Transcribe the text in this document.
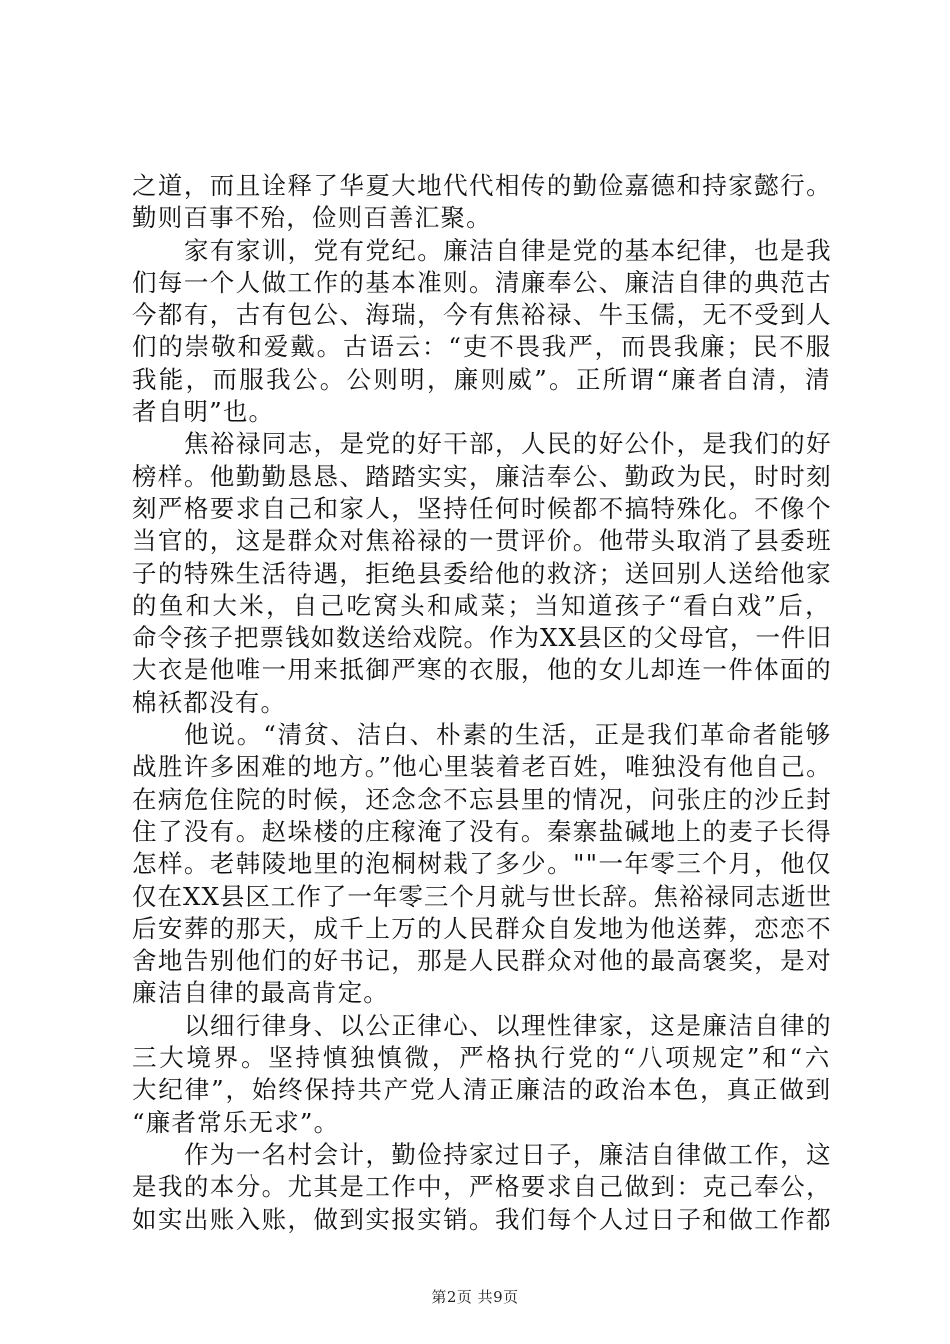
之道，而且诠释了华夏大地代代相传的勤俭嘉德和持家懿行。
勤则百事不殆，俭则百善汇聚。
家有家训，党有党纪。廉洁自律是党的基本纪律，也是我
们每一个人做工作的基本准则。清廉奉公、廉洁自律的典范古
今都有，古有包公、海瑞，今有焦裕禄、牛玉儒，无不受到人
们的崇敬和爱戴。古语云：“吏不畏我严，而畏我廉；民不服
我能，而服我公。公则明，廉则威”。正所谓“廉者自清，清
者自明”也。
焦裕禄同志，是党的好干部，人民的好公仆，是我们的好
榜样。他勤勤恳恳、踏踏实实，廉洁奉公、勤政为民，时时刻
刻严格要求自己和家人，坚持任何时候都不搞特殊化。不像个
当官的，这是群众对焦裕禄的一贯评价。他带头取消了县委班
子的特殊生活待遇，拒绝县委给他的救济；送回别人送给他家
的鱼和大米，自己吃窝头和咸菜；当知道孩子“看白戏”后，
命令孩子把票钱如数送给戏院。作为XX县区的父母官，一件旧
大衣是他唯一用来抵御严寒的衣服，他的女儿却连一件体面的
棉袄都没有。
他说。“清贫、洁白、朴素的生活，正是我们革命者能够
战胜许多困难的地方。”他心里装着老百姓，唯独没有他自己。
在病危住院的时候，还念念不忘县里的情况，问张庄的沙丘封
住了没有。赵垛楼的庄稼淹了没有。秦寨盐碱地上的麦子长得
怎样。老韩陵地里的泡桐树栽了多少。""一年零三个月，他仅
仅在XX县区工作了一年零三个月就与世长辞。焦裕禄同志逝世
后安葬的那天，成千上万的人民群众自发地为他送葬，恋恋不
舍地告别他们的好书记，那是人民群众对他的最高褒奖，是对
廉洁自律的最高肯定。
以细行律身、以公正律心、以理性律家，这是廉洁自律的
三大境界。坚持慎独慎微，严格执行党的“八项规定”和“六
大纪律”，始终保持共产党人清正廉洁的政治本色，真正做到
“廉者常乐无求”。
作为一名村会计，勤俭持家过日子，廉洁自律做工作，这
是我的本分。尤其是工作中，严格要求自己做到：克己奉公，
如实出账入账，做到实报实销。我们每个人过日子和做工作都
第2页 共9页
